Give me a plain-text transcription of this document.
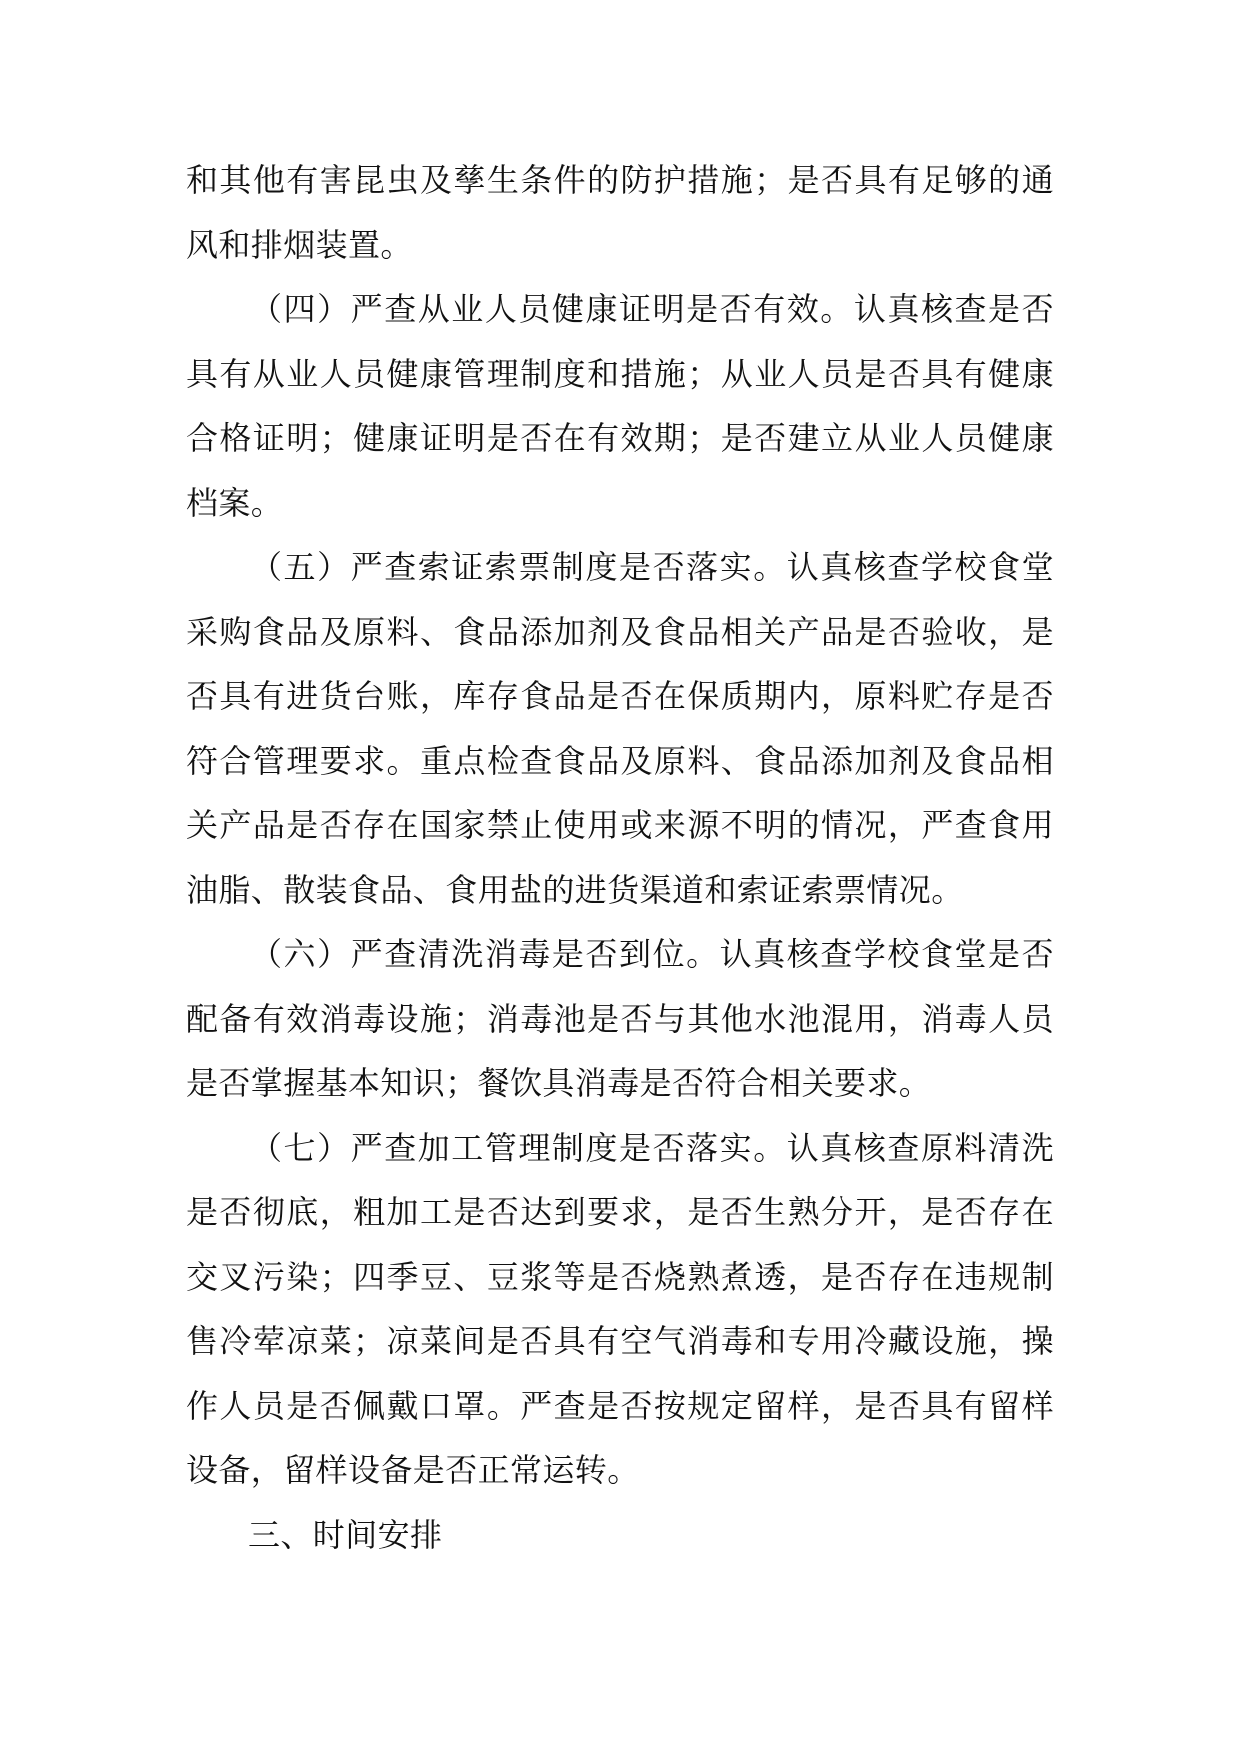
和其他有害昆虫及孳生条件的防护措施；是否具有足够的通风和排烟装置。

（四）严查从业人员健康证明是否有效。认真核查是否具有从业人员健康管理制度和措施；从业人员是否具有健康合格证明；健康证明是否在有效期；是否建立从业人员健康档案。

（五）严查索证索票制度是否落实。认真核查学校食堂采购食品及原料、食品添加剂及食品相关产品是否验收，是否具有进货台账，库存食品是否在保质期内，原料贮存是否符合管理要求。重点检查食品及原料、食品添加剂及食品相关产品是否存在国家禁止使用或来源不明的情况，严查食用油脂、散装食品、食用盐的进货渠道和索证索票情况。

（六）严查清洗消毒是否到位。认真核查学校食堂是否配备有效消毒设施；消毒池是否与其他水池混用，消毒人员是否掌握基本知识；餐饮具消毒是否符合相关要求。

（七）严查加工管理制度是否落实。认真核查原料清洗是否彻底，粗加工是否达到要求，是否生熟分开，是否存在交叉污染；四季豆、豆浆等是否烧熟煮透，是否存在违规制售冷荤凉菜；凉菜间是否具有空气消毒和专用冷藏设施，操作人员是否佩戴口罩。严查是否按规定留样，是否具有留样设备，留样设备是否正常运转。

三、时间安排
